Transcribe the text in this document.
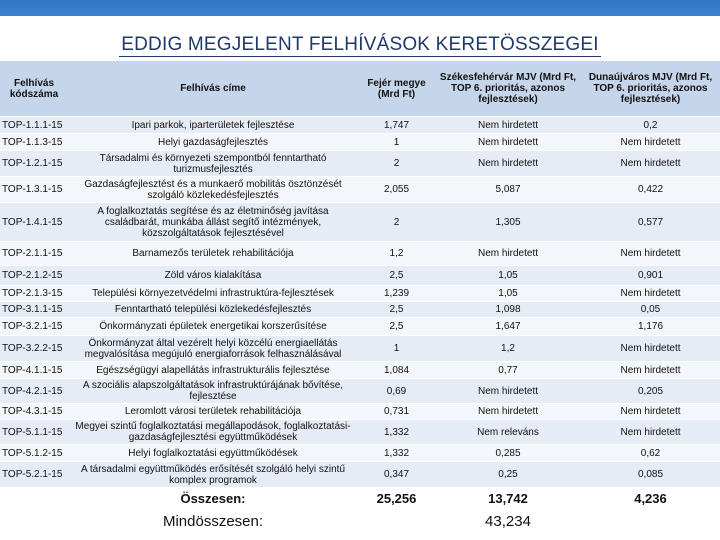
EDDIG MEGJELENT FELHÍVÁSOK KERETÖSSZEGEI
Felhívás kódszáma	Felhívás címe	Fejér megye (Mrd Ft)	Székesfehérvár MJV (Mrd Ft, TOP 6. prioritás, azonos fejlesztések)	Dunaújváros MJV (Mrd Ft, TOP 6. prioritás, azonos fejlesztések)
TOP-1.1.1-15	Ipari parkok, iparterületek fejlesztése	1,747	Nem hirdetett	0,2
TOP-1.1.3-15	Helyi gazdaságfejlesztés	1	Nem hirdetett	Nem hirdetett
TOP-1.2.1-15	Társadalmi és környezeti szempontból fenntartható turizmusfejlesztés	2	Nem hirdetett	Nem hirdetett
TOP-1.3.1-15	Gazdaságfejlesztést és a munkaerő mobilitás ösztönzését szolgáló közlekedésfejlesztés	2,055	5,087	0,422
TOP-1.4.1-15	A foglalkoztatás segítése és az életminőség javítása családbarát, munkába állást segítő intézmények, közszolgáltatások fejlesztésével	2	1,305	0,577
TOP-2.1.1-15	Barnamezős területek rehabilitációja	1,2	Nem hirdetett	Nem hirdetett
TOP-2.1.2-15	Zöld város kialakítása	2,5	1,05	0,901
TOP-2.1.3-15	Települési környezetvédelmi infrastruktúra-fejlesztések	1,239	1,05	Nem hirdetett
TOP-3.1.1-15	Fenntartható települési közlekedésfejlesztés	2,5	1,098	0,05
TOP-3.2.1-15	Önkormányzati épületek energetikai korszerűsítése	2,5	1,647	1,176
TOP-3.2.2-15	Önkormányzat által vezérelt helyi közcélú energiaellátás megvalósítása megújuló energiaforrások felhasználásával	1	1,2	Nem hirdetett
TOP-4.1.1-15	Egészségügyi alapellátás infrastrukturális fejlesztése	1,084	0,77	Nem hirdetett
TOP-4.2.1-15	A szociális alapszolgáltatások infrastruktúrájának bővítése, fejlesztése	0,69	Nem hirdetett	0,205
TOP-4.3.1-15	Leromlott városi területek rehabilitációja	0,731	Nem hirdetett	Nem hirdetett
TOP-5.1.1-15	Megyei szintű foglalkoztatási megállapodások, foglalkoztatási-gazdaságfejlesztési együttműködések	1,332	Nem releváns	Nem hirdetett
TOP-5.1.2-15	Helyi foglalkoztatási együttműködések	1,332	0,285	0,62
TOP-5.2.1-15	A társadalmi együttműködés erősítését szolgáló helyi szintű komplex programok	0,347	0,25	0,085
	Összesen:	25,256	13,742	4,236
	Mindösszesen:		43,234	
